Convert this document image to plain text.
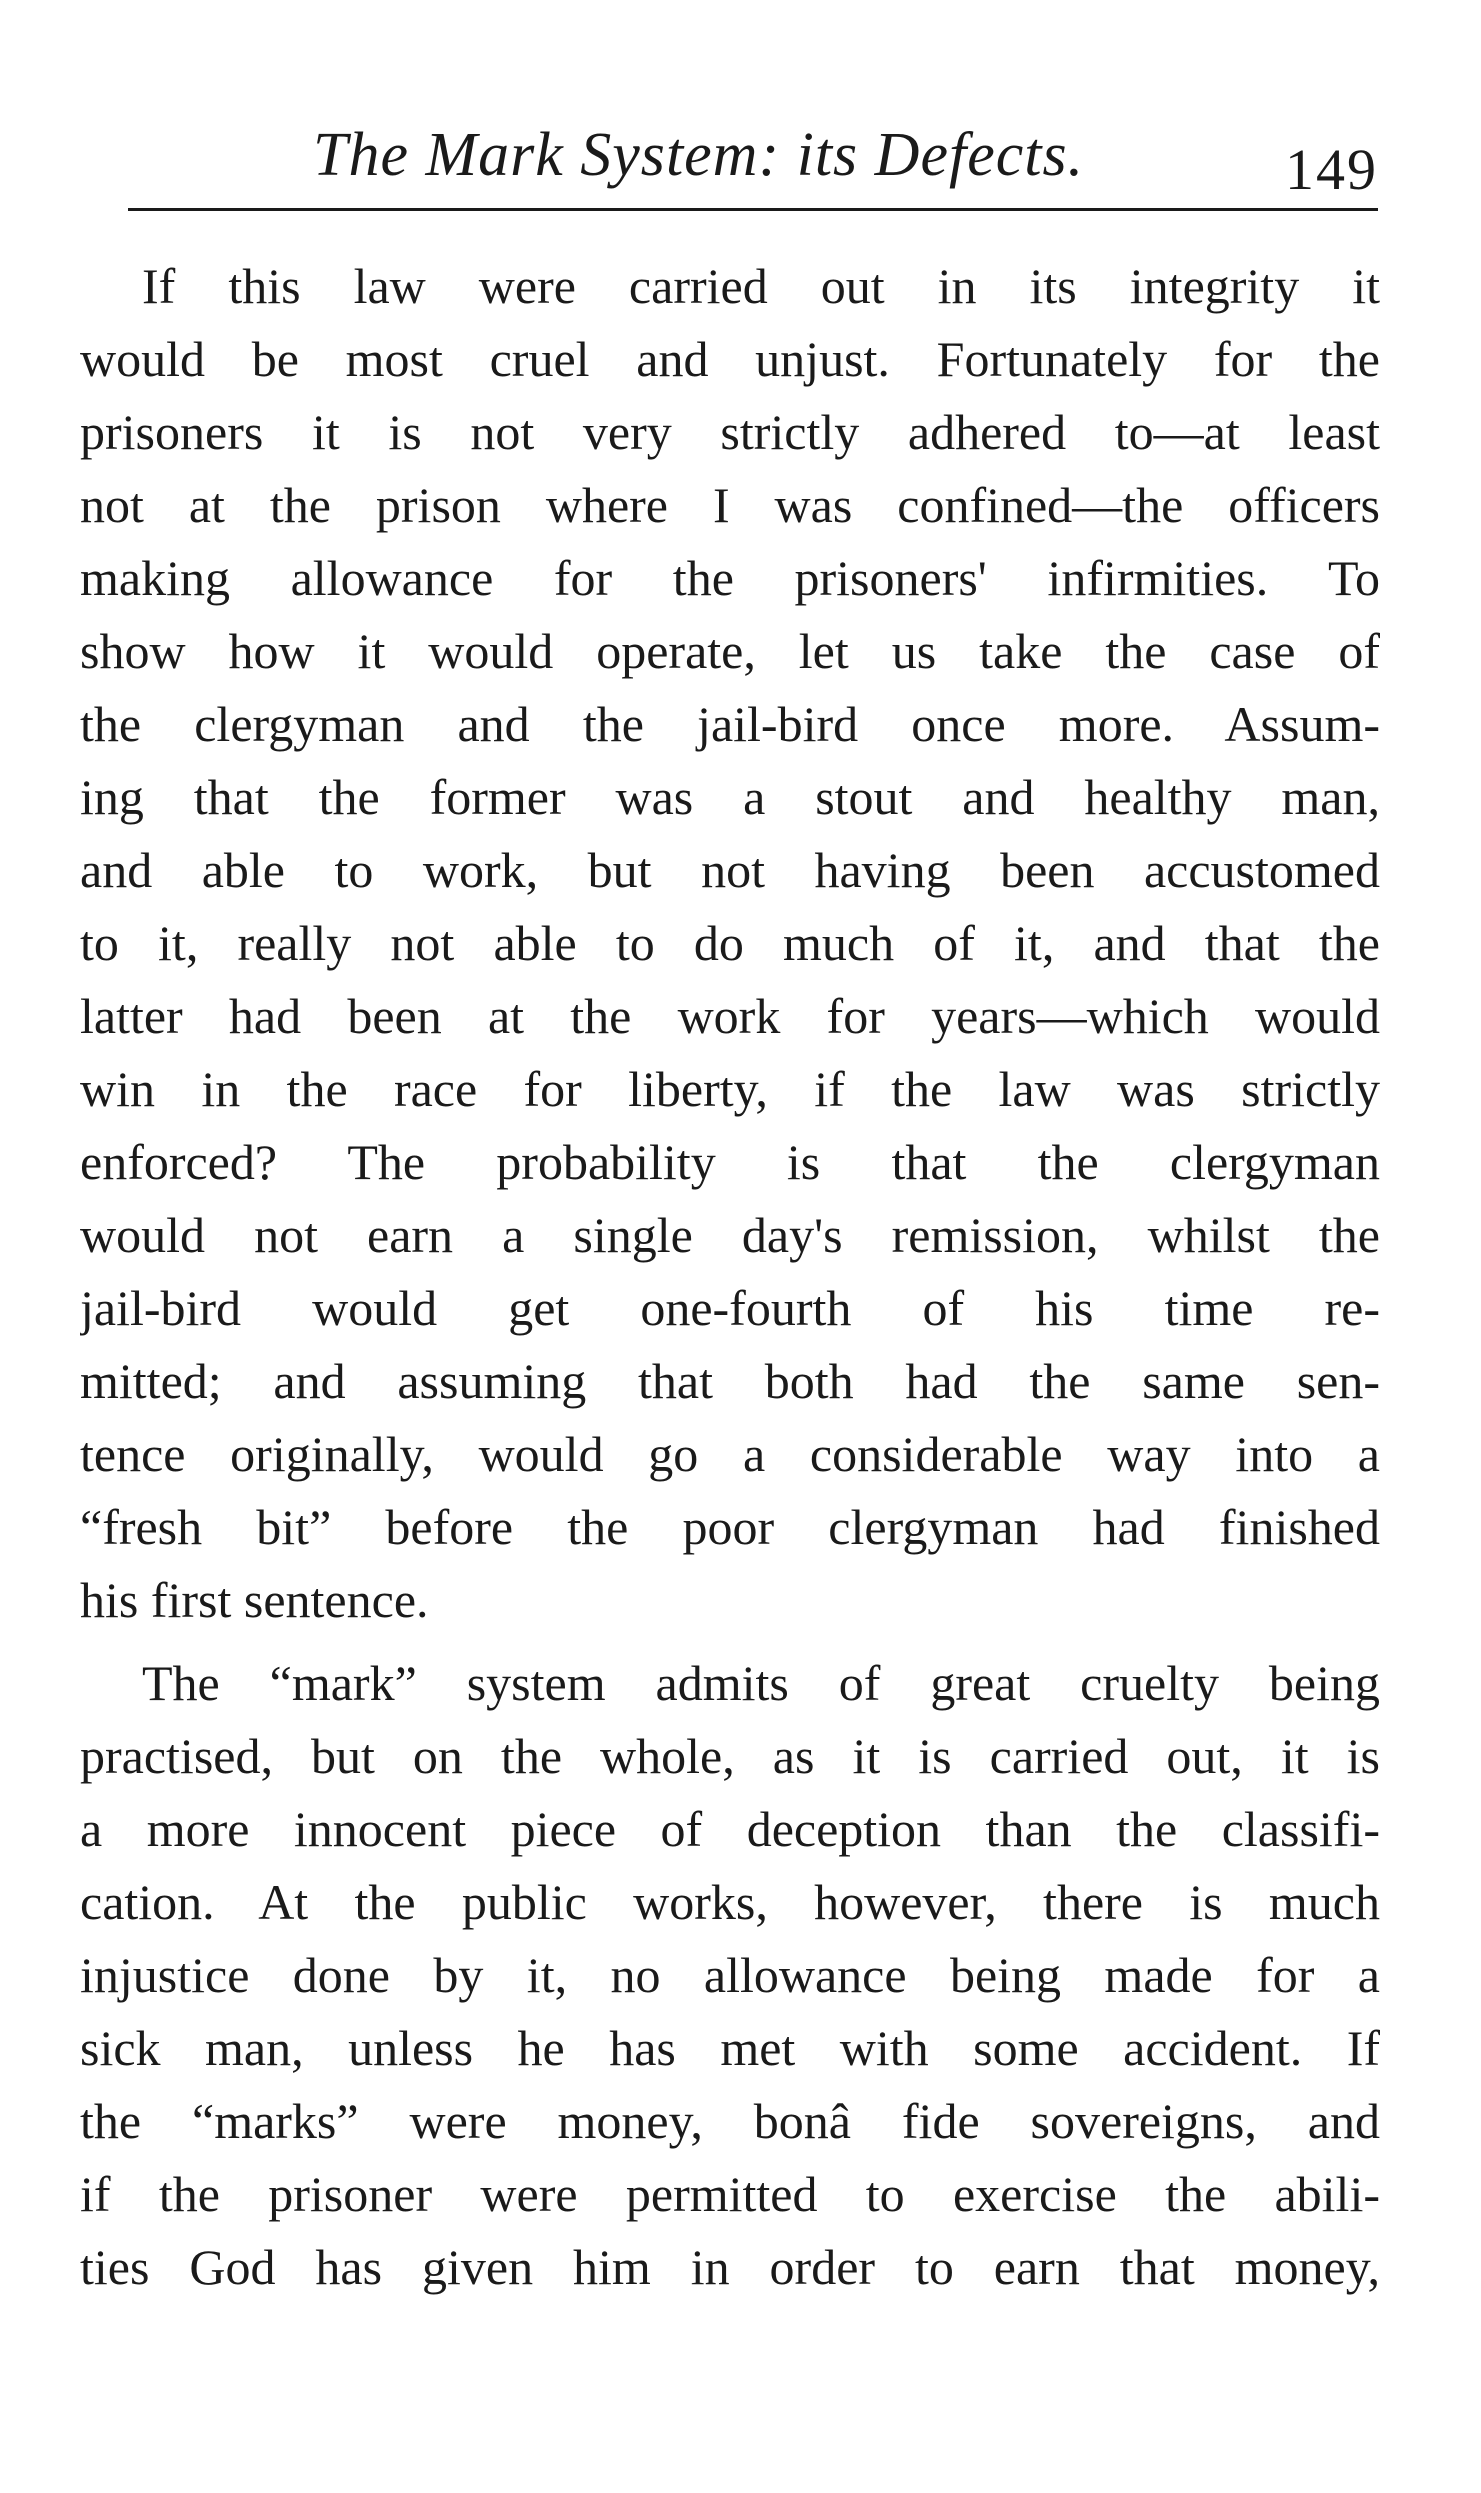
The Mark System: its Defects.	149
If this law were carried out in its integrity it
would be most cruel and unjust. Fortunately for the
prisoners it is not very strictly adhered to—at least
not at the prison where I was confined—the officers
making allowance for the prisoners' infirmities. To
show how it would operate, let us take the case of
the clergyman and the jail-bird once more. Assum-
ing that the former was a stout and healthy man,
and able to work, but not having been accustomed
to it, really not able to do much of it, and that the
latter had been at the work for years—which would
win in the race for liberty, if the law was strictly
enforced? The probability is that the clergyman
would not earn a single day's remission, whilst the
jail-bird would get one-fourth of his time re-
mitted; and assuming that both had the same sen-
tence originally, would go a considerable way into a
“fresh bit” before the poor clergyman had finished
his first sentence.
The “mark” system admits of great cruelty being
practised, but on the whole, as it is carried out, it is
a more innocent piece of deception than the classifi-
cation. At the public works, however, there is much
injustice done by it, no allowance being made for a
sick man, unless he has met with some accident. If
the “marks” were money, bonâ fide sovereigns, and
if the prisoner were permitted to exercise the abili-
ties God has given him in order to earn that money,
